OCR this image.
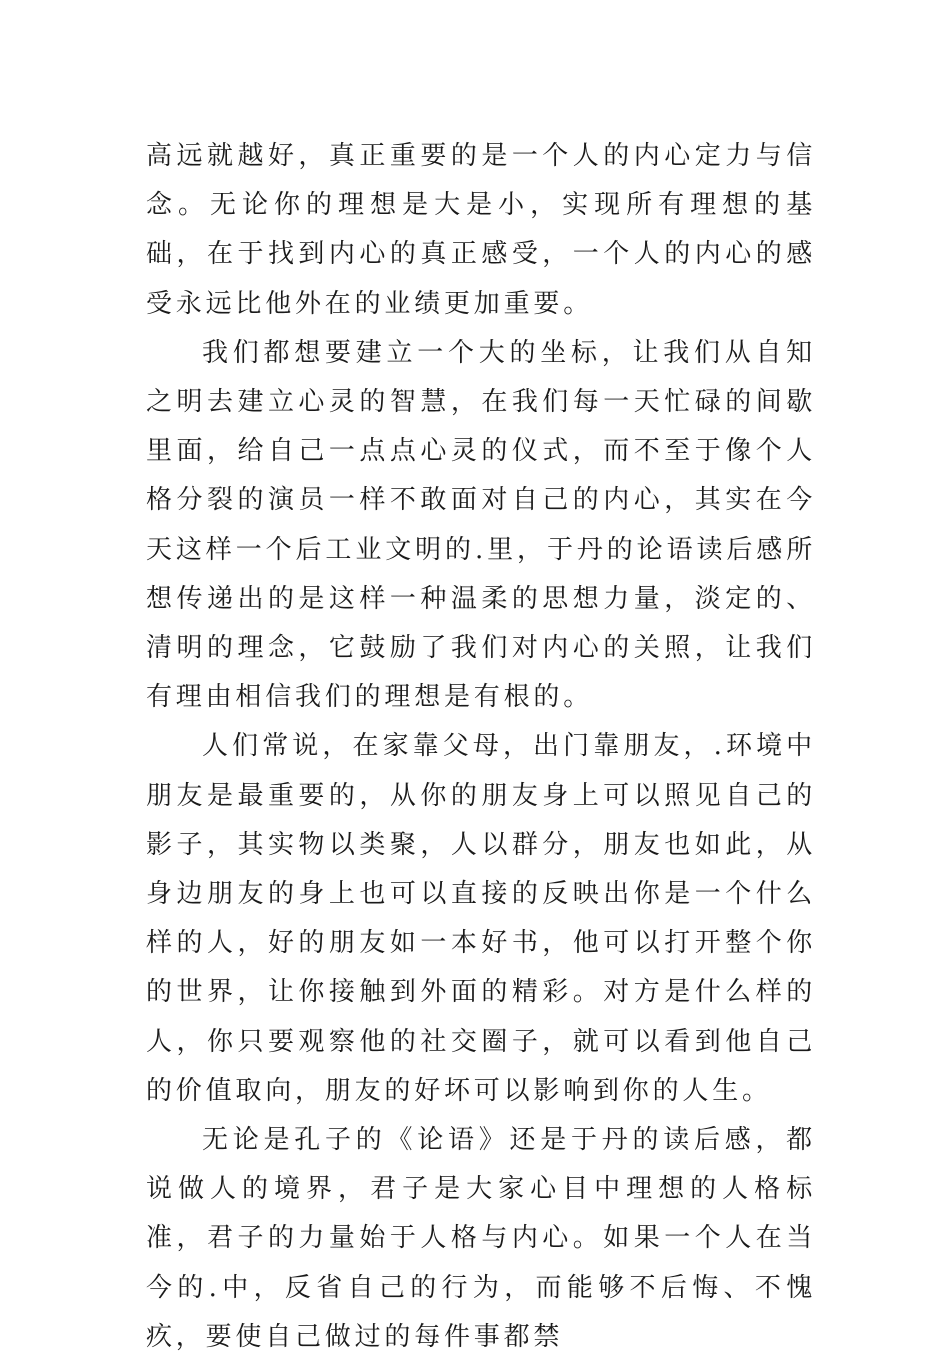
高远就越好，真正重要的是一个人的内心定力与信念。无论你的理想是大是小，实现所有理想的基础，在于找到内心的真正感受，一个人的内心的感受永远比他外在的业绩更加重要。

我们都想要建立一个大的坐标，让我们从自知之明去建立心灵的智慧，在我们每一天忙碌的间歇里面，给自己一点点心灵的仪式，而不至于像个人格分裂的演员一样不敢面对自己的内心，其实在今天这样一个后工业文明的.里，于丹的论语读后感所想传递出的是这样一种温柔的思想力量，淡定的、清明的理念，它鼓励了我们对内心的关照，让我们有理由相信我们的理想是有根的。

人们常说，在家靠父母，出门靠朋友，.环境中朋友是最重要的，从你的朋友身上可以照见自己的影子，其实物以类聚，人以群分，朋友也如此，从身边朋友的身上也可以直接的反映出你是一个什么样的人，好的朋友如一本好书，他可以打开整个你的世界，让你接触到外面的精彩。对方是什么样的人，你只要观察他的社交圈子，就可以看到他自己的价值取向，朋友的好坏可以影响到你的人生。

无论是孔子的《论语》还是于丹的读后感，都说做人的境界，君子是大家心目中理想的人格标准，君子的力量始于人格与内心。如果一个人在当今的.中，反省自己的行为，而能够不后悔、不愧疚，要使自己做过的每件事都禁
